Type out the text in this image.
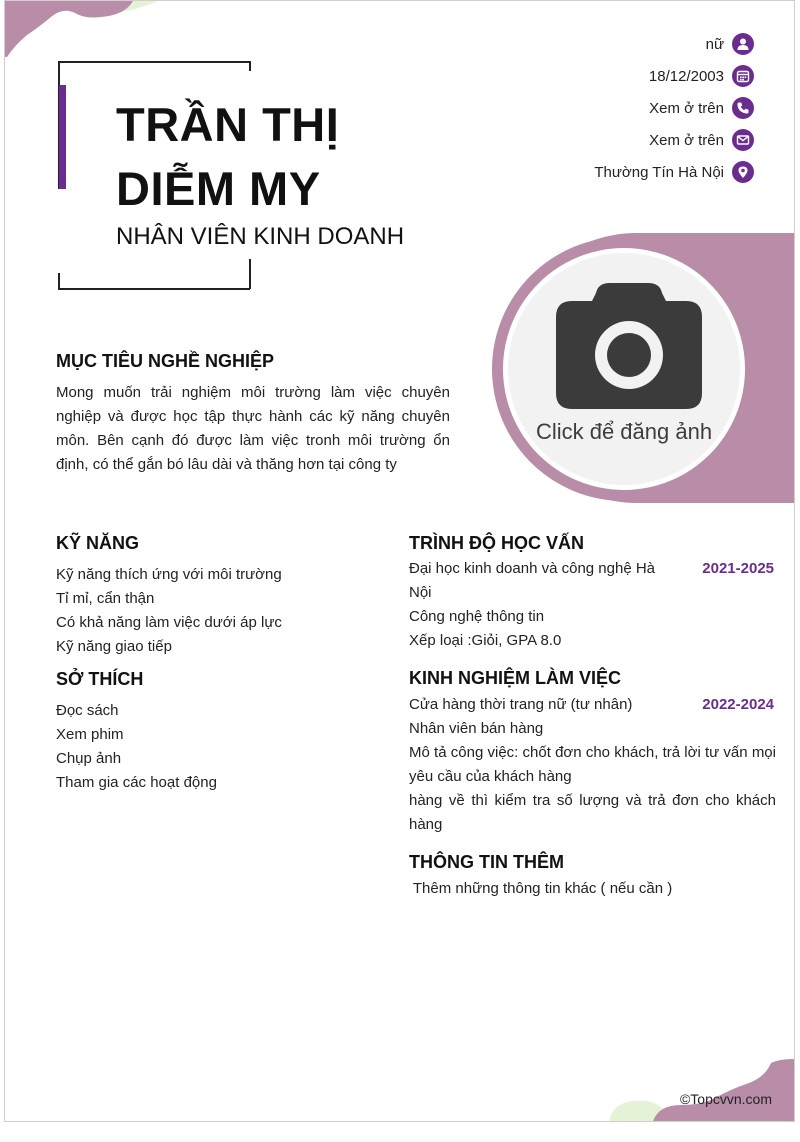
TRẦN THỊ
DIỄM MY
NHÂN VIÊN KINH DOANH
nữ
18/12/2003
Xem ở trên
Xem ở trên
Thường Tín Hà Nội
Click để đăng ảnh
MỤC TIÊU NGHỀ NGHIỆP
Mong muốn trải nghiệm môi trường làm việc chuyên nghiệp và được học tập thực hành các kỹ năng chuyên môn. Bên cạnh đó được làm việc tronh môi trường ổn định, có thể gắn bó lâu dài và thăng hơn tại công ty
KỸ NĂNG
Kỹ năng thích ứng với môi trường
Tỉ mỉ, cẩn thận
Có khả năng làm việc dưới áp lực
Kỹ năng giao tiếp
SỞ THÍCH
Đọc sách
Xem phim
Chụp ảnh
Tham gia các hoạt động
TRÌNH ĐỘ HỌC VẤN
Đại học kinh doanh và công nghệ Hà Nội
2021-2025
Công nghệ thông tin
Xếp loại :Giỏi, GPA 8.0
KINH NGHIỆM LÀM VIỆC
Cửa hàng thời trang nữ (tư nhân)	2022-2024
Nhân viên bán hàng
Mô tả công việc: chốt đơn cho khách, trả lời tư vấn mọi yêu cầu của khách hàng
hàng về thì kiểm tra số lượng và trả đơn cho khách hàng
THÔNG TIN THÊM
Thêm những thông tin khác ( nếu cần )
©Topcvvn.com
